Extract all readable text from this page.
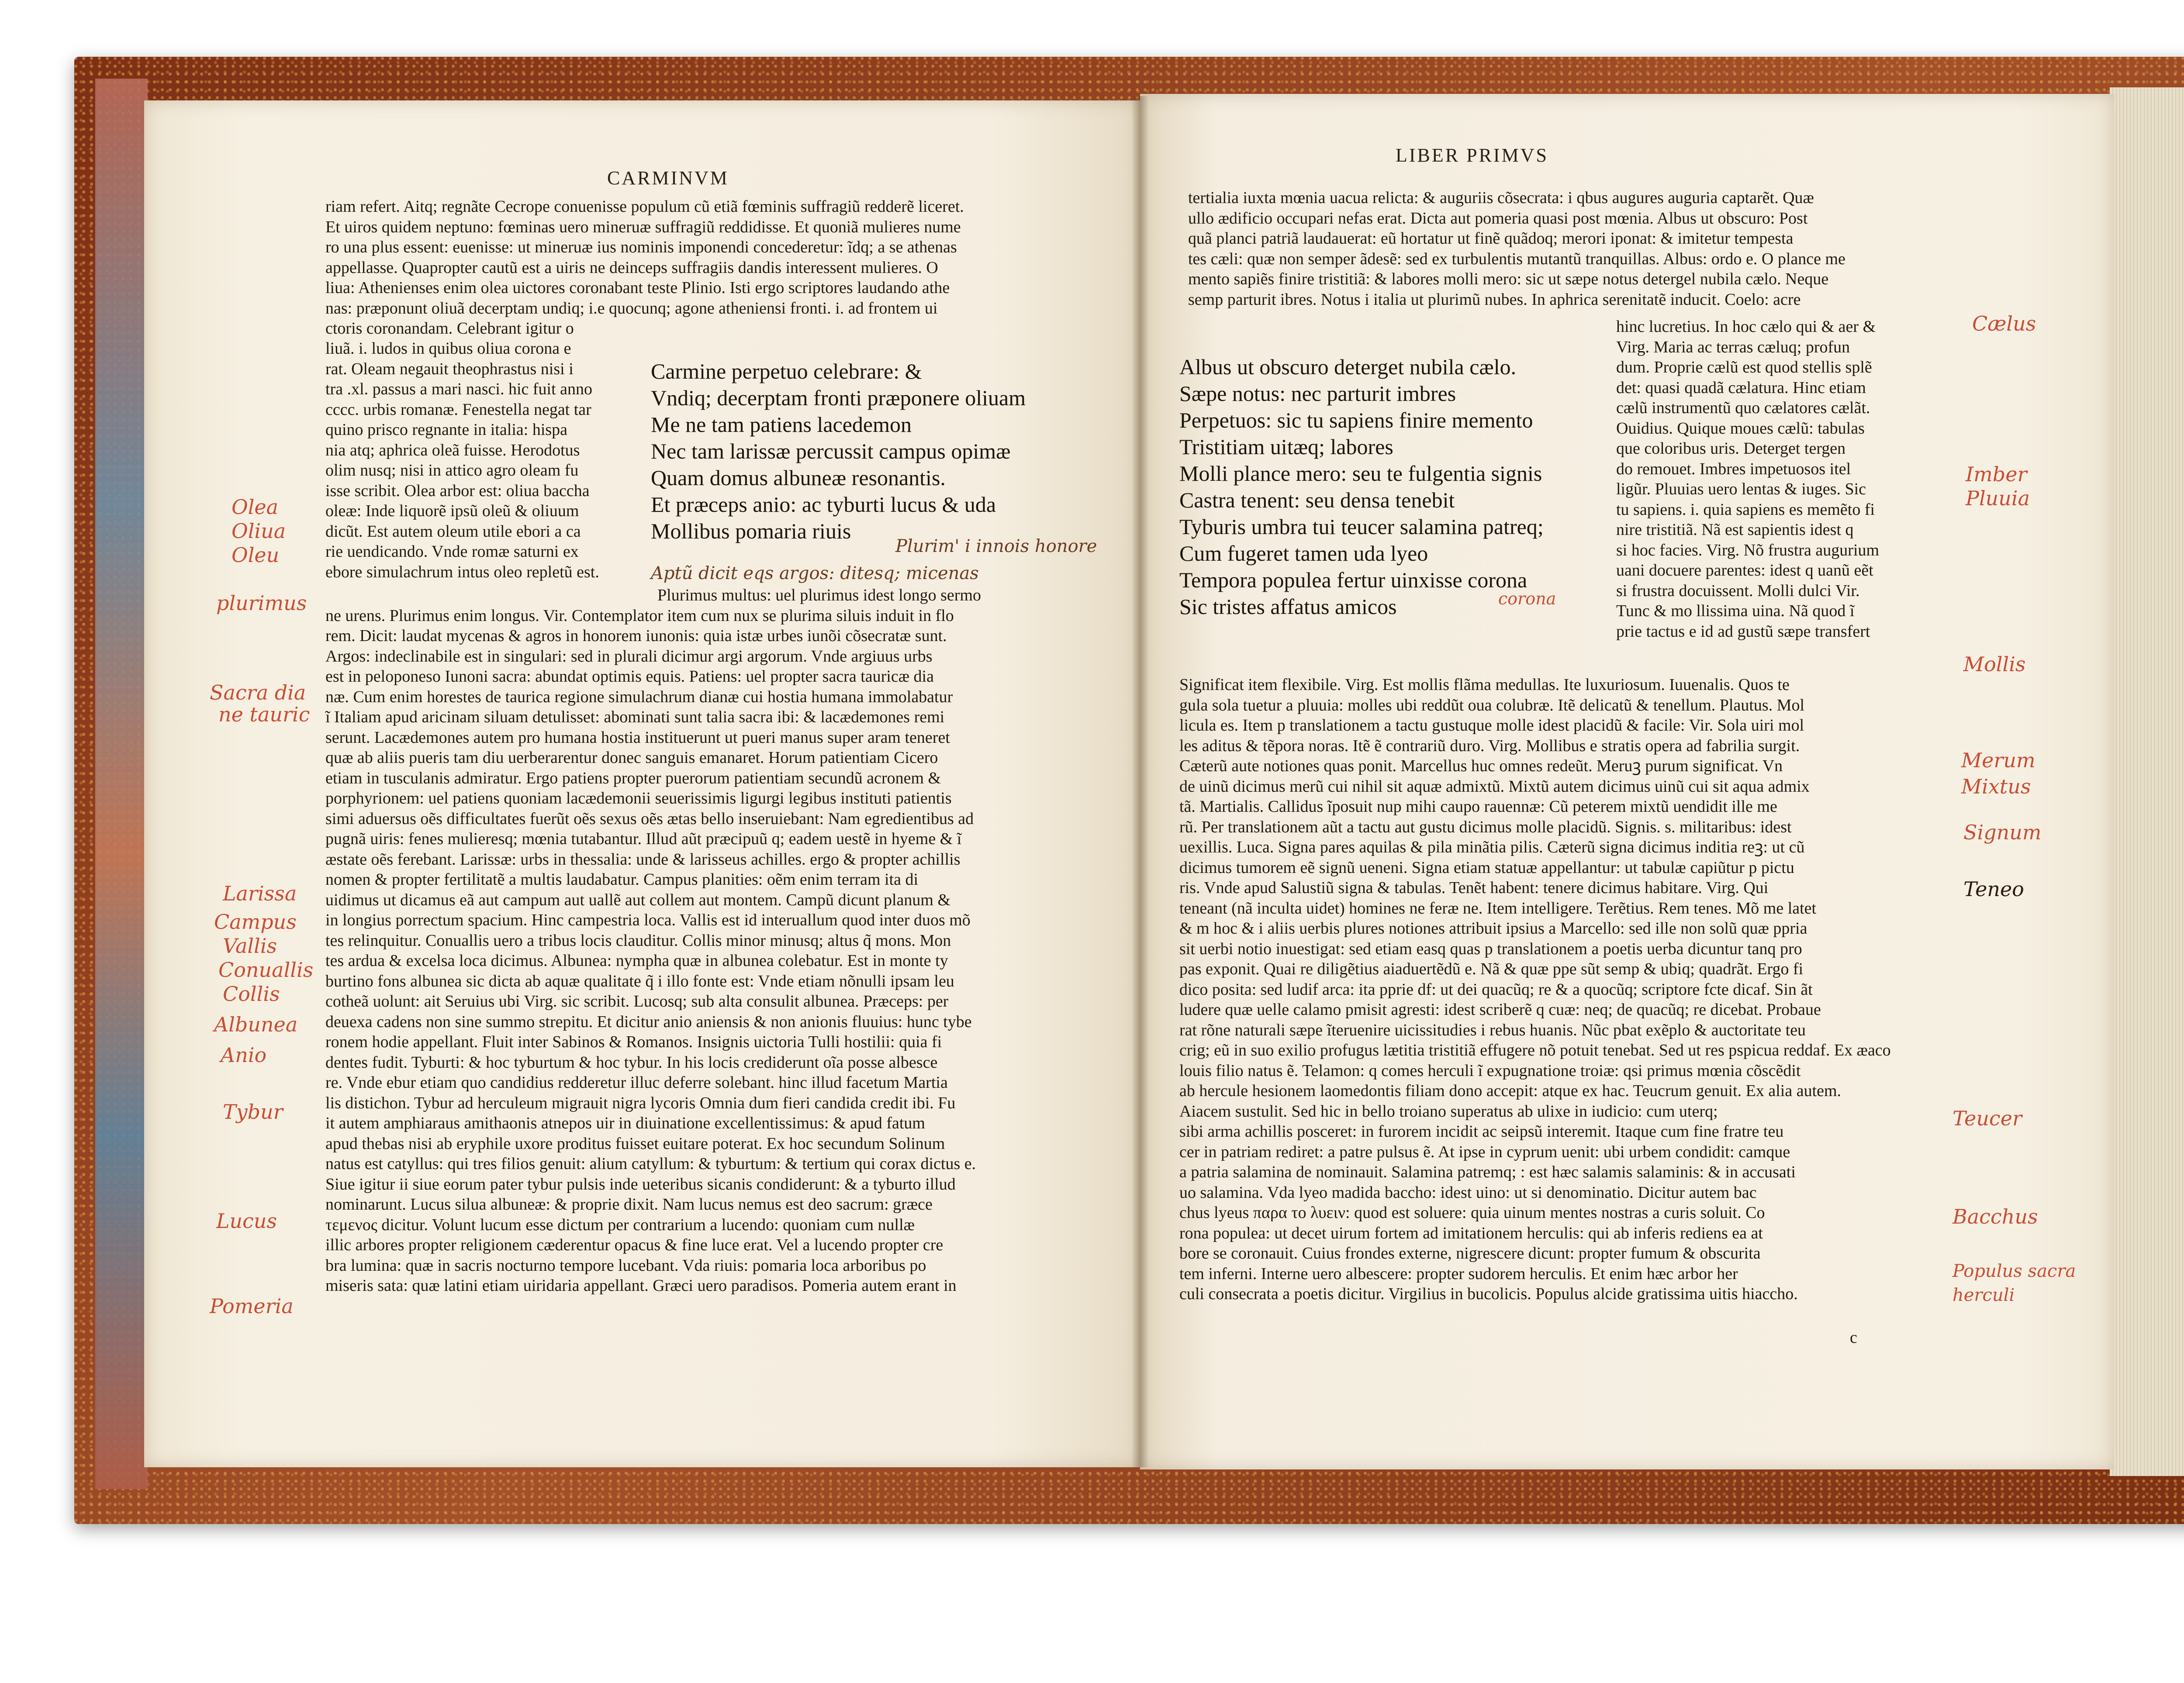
CARMINVM
riam refert. Aitq; regnãte Cecrope conuenisse populum cũ etiã fœminis suffragiũ redderẽ liceret.
Et uiros quidem neptuno: fœminas uero mineruæ suffragiũ reddidisse. Et quoniã mulieres nume
ro una plus essent: euenisse: ut mineruæ ius nominis imponendi concederetur: ĩdq; a se athenas
appellasse. Quapropter cautũ est a uiris ne deinceps suffragiis dandis interessent mulieres. O
liua: Athenienses enim olea uictores coronabant teste Plinio. Isti ergo scriptores laudando athe
nas: præponunt oliuã decerptam undiq; i.e quocunq; agone atheniensi fronti. i. ad frontem ui
ctoris coronandam. Celebrant igitur o
liuã. i. ludos in quibus oliua corona e
rat. Oleam negauit theophrastus nisi i
tra .xl. passus a mari nasci. hic fuit anno
cccc. urbis romanæ. Fenestella negat tar
quino prisco regnante in italia: hispa
nia atq; aphrica oleã fuisse. Herodotus
olim nusq; nisi in attico agro oleam fu
isse scribit. Olea arbor est: oliua baccha
oleæ: Inde liquorẽ ipsũ oleũ & oliuum
dicũt. Est autem oleum utile ebori a ca
rie uendicando. Vnde romæ saturni ex
ebore simulachrum intus oleo repletũ est.
Carmine perpetuo celebrare: &
Vndiq; decerptam fronti præponere oliuam
Me ne tam patiens lacedemon
Nec tam larissæ percussit campus opimæ
Quam domus albuneæ resonantis.
Et præceps anio: ac tyburti lucus & uda
Mollibus pomaria riuis
Plurim' i innois honore
Aptũ dicit eqs argos: ditesq; micenas
Plurimus multus: uel plurimus idest longo sermo
ne urens. Plurimus enim longus. Vir. Contemplator item cum nux se plurima siluis induit in flo
rem. Dicit: laudat mycenas & agros in honorem iunonis: quia istæ urbes iunõi cõsecratæ sunt.
Argos: indeclinabile est in singulari: sed in plurali dicimur argi argorum. Vnde argiuus urbs
est in peloponeso Iunoni sacra: abundat optimis equis. Patiens: uel propter sacra tauricæ dia
næ. Cum enim horestes de taurica regione simulachrum dianæ cui hostia humana immolabatur
ĩ Italiam apud aricinam siluam detulisset: abominati sunt talia sacra ibi: & lacædemones remi
serunt. Lacædemones autem pro humana hostia instituerunt ut pueri manus super aram teneret
quæ ab aliis pueris tam diu uerberarentur donec sanguis emanaret. Horum patientiam Cicero
etiam in tusculanis admiratur. Ergo patiens propter puerorum patientiam secundũ acronem &
porphyrionem: uel patiens quoniam lacædemonii seuerissimis ligurgi legibus instituti patientis
simi aduersus oẽs difficultates fuerũt oẽs sexus oẽs ætas bello inseruiebant: Nam egredientibus ad
pugnã uiris: fenes mulieresq; mœnia tutabantur. Illud aũt præcipuũ q; eadem uestẽ in hyeme & ĩ
æstate oẽs ferebant. Larissæ: urbs in thessalia: unde & larisseus achilles. ergo & propter achillis
nomen & propter fertilitatẽ a multis laudabatur. Campus planities: oẽm enim terram ita di
uidimus ut dicamus eã aut campum aut uallẽ aut collem aut montem. Campũ dicunt planum &
in longius porrectum spacium. Hinc campestria loca. Vallis est id interuallum quod inter duos mõ
tes relinquitur. Conuallis uero a tribus locis clauditur. Collis minor minusq; altus q̃ mons. Mon
tes ardua & excelsa loca dicimus. Albunea: nympha quæ in albunea colebatur. Est in monte ty
burtino fons albunea sic dicta ab aquæ qualitate q̃ i illo fonte est: Vnde etiam nõnulli ipsam leu
cotheã uolunt: ait Seruius ubi Virg. sic scribit. Lucosq; sub alta consulit albunea. Præceps: per
deuexa cadens non sine summo strepitu. Et dicitur anio aniensis & non anionis fluuius: hunc tybe
ronem hodie appellant. Fluit inter Sabinos & Romanos. Insignis uictoria Tulli hostilii: quia fi
dentes fudit. Tyburti: & hoc tyburtum & hoc tybur. In his locis crediderunt oĩa posse albesce
re. Vnde ebur etiam quo candidius redderetur illuc deferre solebant. hinc illud facetum Martia
lis distichon. Tybur ad herculeum migrauit nigra lycoris Omnia dum fieri candida credit ibi. Fu
it autem amphiaraus amithaonis atnepos uir in diuinatione excellentissimus: & apud fatum
apud thebas nisi ab eryphile uxore proditus fuisset euitare poterat. Ex hoc secundum Solinum
natus est catyllus: qui tres filios genuit: alium catyllum: & tyburtum: & tertium qui corax dictus e.
Siue igitur ii siue eorum pater tybur pulsis inde ueteribus sicanis condiderunt: & a tyburto illud
nominarunt. Lucus silua albuneæ: & proprie dixit. Nam lucus nemus est deo sacrum: græce
τεμενος dicitur. Volunt lucum esse dictum per contrarium a lucendo: quoniam cum nullæ
illic arbores propter religionem cæderentur opacus & fine luce erat. Vel a lucendo propter cre
bra lumina: quæ in sacris nocturno tempore lucebant. Vda riuis: pomaria loca arboribus po
miseris sata: quæ latini etiam uiridaria appellant. Græci uero paradisos. Pomeria autem erant in
Olea
Oliua
Oleu
plurimus
Sacra dia
ne tauric
Larissa
Campus
Vallis
Conuallis
Collis
Albunea
Anio
Tybur
Lucus
Pomeria
LIBER PRIMVS
tertialia iuxta mœnia uacua relicta: & auguriis cõsecrata: i qbus augures auguria captarẽt. Quæ
ullo ædificio occupari nefas erat. Dicta aut pomeria quasi post mœnia. Albus ut obscuro: Post
quã planci patriã laudauerat: eũ hortatur ut finẽ quãdoq; merori iponat: & imitetur tempesta
tes cæli: quæ non semper ãdesẽ: sed ex turbulentis mutantũ tranquillas. Albus: ordo e. O plance me
mento sapiẽs finire tristitiã: & labores molli mero: sic ut sæpe notus detergel nubila cælo. Neque
semp parturit ibres. Notus i italia ut plurimũ nubes. In aphrica serenitatẽ inducit. Coelo: acre
Albus ut obscuro deterget nubila cælo.
Sæpe notus: nec parturit imbres
Perpetuos: sic tu sapiens finire memento
Tristitiam uitæq; labores
Molli plance mero: seu te fulgentia signis
Castra tenent: seu densa tenebit
Tyburis umbra tui teucer salamina patreq;
Cum fugeret tamen uda lyeo
Tempora populea fertur uinxisse corona
Sic tristes affatus amicos	corona
hinc lucretius. In hoc cælo qui & aer &
Virg. Maria ac terras cæluq; profun
dum. Proprie cælũ est quod stellis splẽ
det: quasi quadã cælatura. Hinc etiam
cælũ instrumentũ quo cælatores cælãt.
Ouidius. Quique moues cælũ: tabulas
que coloribus uris. Deterget tergen
do remouet. Imbres impetuosos itel
ligũr. Pluuias uero lentas & iuges. Sic
tu sapiens. i. quia sapiens es memẽto fi
nire tristitiã. Nã est sapientis idest q
si hoc facies. Virg. Nõ frustra augurium
uani docuere parentes: idest q uanũ eẽt
si frustra docuissent. Molli dulci Vir.
Tunc & mo llissima uina. Nã quod ĩ
prie tactus e id ad gustũ sæpe transfert
Significat item flexibile. Virg. Est mollis flãma medullas. Ite luxuriosum. Iuuenalis. Quos te
gula sola tuetur a pluuia: molles ubi reddũt oua colubræ. Itẽ delicatũ & tenellum. Plautus. Mol
licula es. Item p translationem a tactu gustuque molle idest placidũ & facile: Vir. Sola uiri mol
les aditus & tẽpora noras. Itẽ ẽ contrariũ duro. Virg. Mollibus e stratis opera ad fabrilia surgit.
Cæterũ aute notiones quas ponit. Marcellus huc omnes redeũt. Meruꝫ purum significat. Vn
de uinũ dicimus merũ cui nihil sit aquæ admixtũ. Mixtũ autem dicimus uinũ cui sit aqua admix
tã. Martialis. Callidus ĩposuit nup mihi caupo rauennæ: Cũ peterem mixtũ uendidit ille me
rũ. Per translationem aũt a tactu aut gustu dicimus molle placidũ. Signis. s. militaribus: idest
uexillis. Luca. Signa pares aquilas & pila minãtia pilis. Cæterũ signa dicimus inditia reꝫ: ut cũ
dicimus tumorem eẽ signũ ueneni. Signa etiam statuæ appellantur: ut tabulæ capiũtur p pictu
ris. Vnde apud Salustiũ signa & tabulas. Tenẽt habent: tenere dicimus habitare. Virg. Qui
teneant (nã inculta uidet) homines ne feræ ne. Item intelligere. Terẽtius. Rem tenes. Mõ me latet
& m hoc & i aliis uerbis plures notiones attribuit ipsius a Marcello: sed ille non solũ quæ ppria
sit uerbi notio inuestigat: sed etiam easq quas p translationem a poetis uerba dicuntur tanq pro
pas exponit. Quai re diligẽtius aiaduertẽdũ e. Nã & quæ ppe sũt semp & ubiq; quadrãt. Ergo fi
dico posita: sed ludif arca: ita pprie df: ut dei quacũq; re & a quocũq; scriptore fcte dicaf. Sin ãt
ludere quæ uelle calamo pmisit agresti: idest scriberẽ q cuæ: neq; de quacũq; re dicebat. Probaue
rat rõne naturali sæpe ĩteruenire uicissitudies i rebus huanis. Nũc pbat exẽplo & auctoritate teu
crig; eũ in suo exilio profugus lætitia tristitiã effugere nõ potuit tenebat. Sed ut res pspicua reddaf. Ex æaco
louis filio natus ẽ. Telamon: q comes herculi ĩ expugnatione troiæ: qsi primus mœnia cõscẽdit
ab hercule hesionem laomedontis filiam dono accepit: atque ex hac. Teucrum genuit. Ex alia autem.
Aiacem sustulit. Sed hic in bello troiano superatus ab ulixe in iudicio: cum uterq;
sibi arma achillis posceret: in furorem incidit ac seipsũ interemit. Itaque cum fine fratre teu
cer in patriam rediret: a patre pulsus ẽ. At ipse in cyprum uenit: ubi urbem condidit: camque
a patria salamina de nominauit. Salamina patremq; : est hæc salamis salaminis: & in accusati
uo salamina. Vda lyeo madida baccho: idest uino: ut si denominatio. Dicitur autem bac
chus lyeus παρα το λυειν: quod est soluere: quia uinum mentes nostras a curis soluit. Co
rona populea: ut decet uirum fortem ad imitationem herculis: qui ab inferis rediens ea at
bore se coronauit. Cuius frondes externe, nigrescere dicunt: propter fumum & obscurita
tem inferni. Interne uero albescere: propter sudorem herculis. Et enim hæc arbor her
culi consecrata a poetis dicitur. Virgilius in bucolicis. Populus alcide gratissima uitis hiaccho.
c
Cælus
Imber
Pluuia
Mollis
Merum
Mixtus
Signum
Teneo
Teucer
Bacchus
Populus sacra
herculi
